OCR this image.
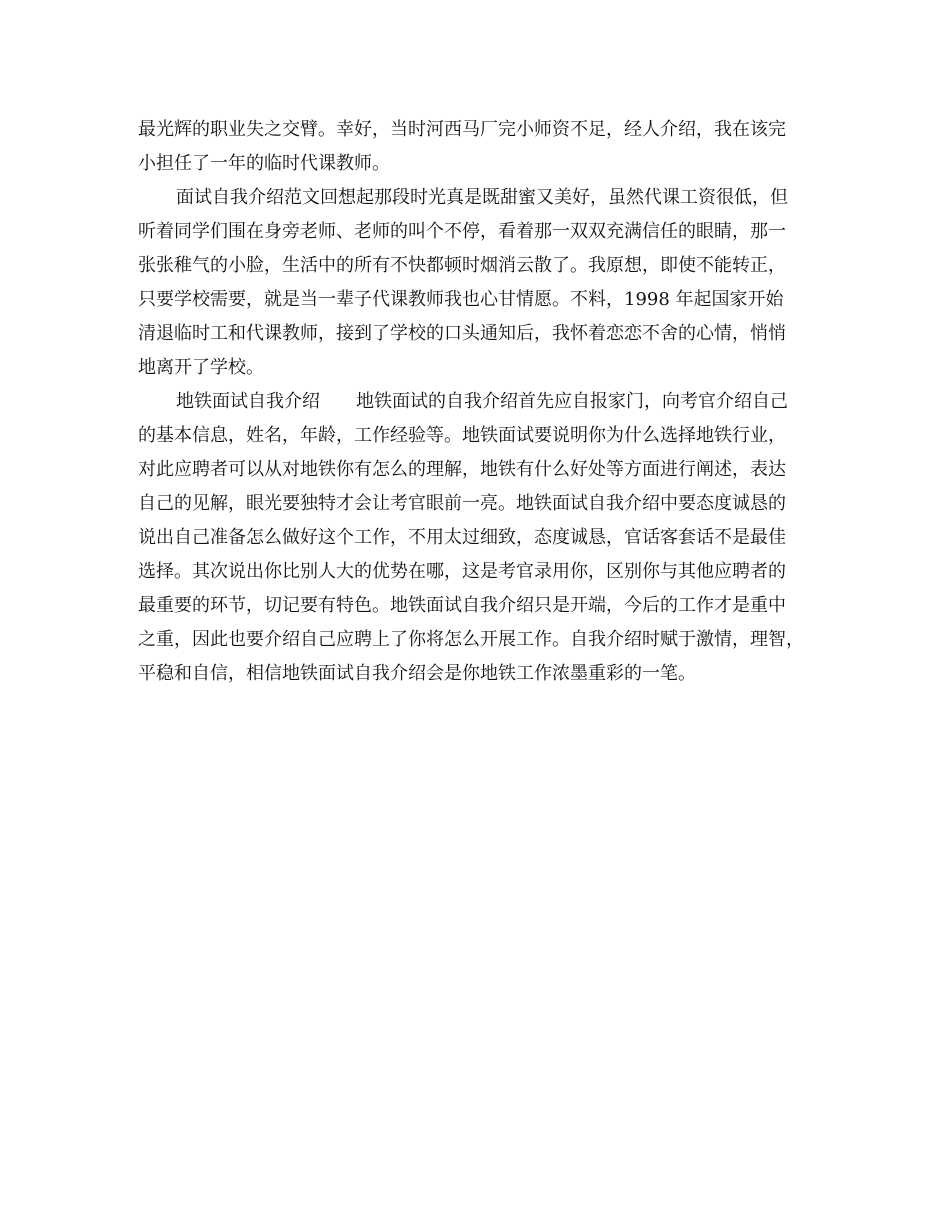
最光辉的职业失之交臂。幸好，当时河西马厂完小师资不足，经人介绍，我在该完
小担任了一年的临时代课教师。
面试自我介绍范文回想起那段时光真是既甜蜜又美好，虽然代课工资很低，但
听着同学们围在身旁老师、老师的叫个不停，看着那一双双充满信任的眼睛，那一
张张稚气的小脸，生活中的所有不快都顿时烟消云散了。我原想，即使不能转正，
只要学校需要，就是当一辈子代课教师我也心甘情愿。不料，1998 年起国家开始
清退临时工和代课教师，接到了学校的口头通知后，我怀着恋恋不舍的心情，悄悄
地离开了学校。
地铁面试自我介绍 地铁面试的自我介绍首先应自报家门，向考官介绍自己
的基本信息，姓名，年龄，工作经验等。地铁面试要说明你为什么选择地铁行业，
对此应聘者可以从对地铁你有怎么的理解，地铁有什么好处等方面进行阐述，表达
自己的见解，眼光要独特才会让考官眼前一亮。地铁面试自我介绍中要态度诚恳的
说出自己准备怎么做好这个工作，不用太过细致，态度诚恳，官话客套话不是最佳
选择。其次说出你比别人大的优势在哪，这是考官录用你，区别你与其他应聘者的
最重要的环节，切记要有特色。地铁面试自我介绍只是开端，今后的工作才是重中
之重，因此也要介绍自己应聘上了你将怎么开展工作。自我介绍时赋于激情，理智，
平稳和自信，相信地铁面试自我介绍会是你地铁工作浓墨重彩的一笔。
